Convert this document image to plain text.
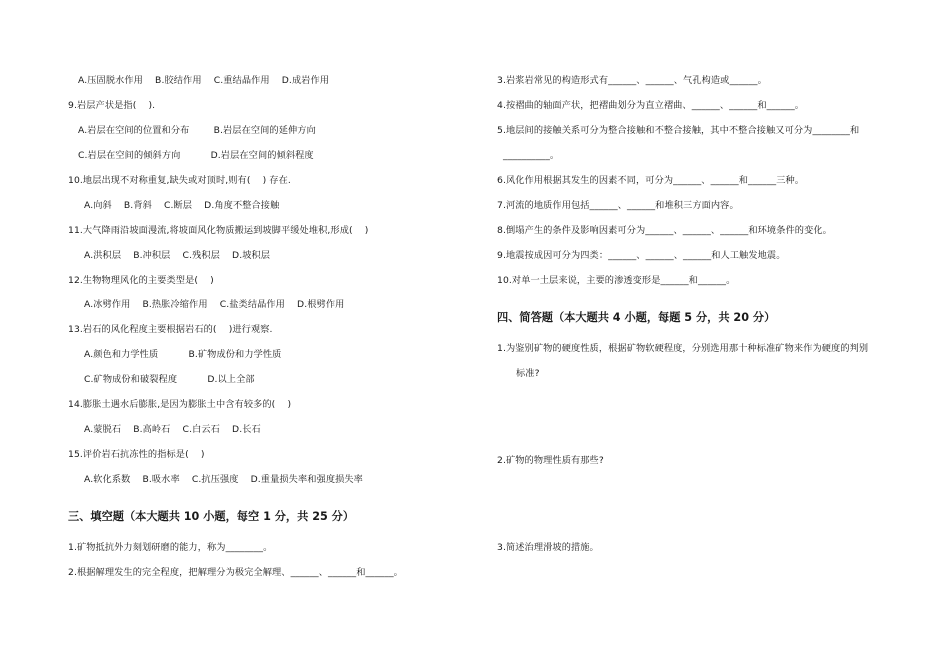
A.压固脱水作用    B.胶结作用    C.重结晶作用    D.成岩作用
9.岩层产状是指(    ).
A.岩层在空间的位置和分布        B.岩层在空间的延伸方向
C.岩层在空间的倾斜方向          D.岩层在空间的倾斜程度
10.地层出现不对称重复,缺失或对顶时,则有(    ) 存在.
A.向斜    B.背斜    C.断层    D.角度不整合接触
11.大气降雨沿坡面漫流,将坡面风化物质搬运到坡脚平缓处堆积,形成(    )
A.洪积层    B.冲积层    C.残积层    D.坡积层
12.生物物理风化的主要类型是(    )
A.冰劈作用    B.热胀冷缩作用    C.盐类结晶作用    D.根劈作用
13.岩石的风化程度主要根据岩石的(    )进行观察.
A.颜色和力学性质          B.矿物成份和力学性质
C.矿物成份和破裂程度          D.以上全部
14.膨胀土遇水后膨胀,是因为膨胀土中含有较多的(    )
A.蒙脱石    B.高岭石    C.白云石    D.长石
15.评价岩石抗冻性的指标是(    )
A.软化系数    B.吸水率    C.抗压强度    D.重量损失率和强度损失率
三、填空题（本大题共 10 小题，每空 1 分，共 25 分）
1.矿物抵抗外力刻划研磨的能力，称为________。
2.根据解理发生的完全程度，把解理分为极完全解理、______、______和______。
3.岩浆岩常见的构造形式有______、______、气孔构造或______。
4.按褶曲的轴面产状，把褶曲划分为直立褶曲、______、______和______。
5.地层间的接触关系可分为整合接触和不整合接触，其中不整合接触又可分为________和
__________。
6.风化作用根据其发生的因素不同，可分为______、______和______三种。
7.河流的地质作用包括______、______和堆积三方面内容。
8.倒塌产生的条件及影响因素可分为______、______、______和环境条件的变化。
9.地震按成因可分为四类：______、______、______和人工触发地震。
10.对单一土层来说，主要的渗透变形是______和______。
四、简答题（本大题共 4 小题，每题 5 分，共 20 分）
1.为鉴别矿物的硬度性质，根据矿物软硬程度，分别选用那十种标准矿物来作为硬度的判别
标准?
2.矿物的物理性质有那些?
3.简述治理滑坡的措施。
